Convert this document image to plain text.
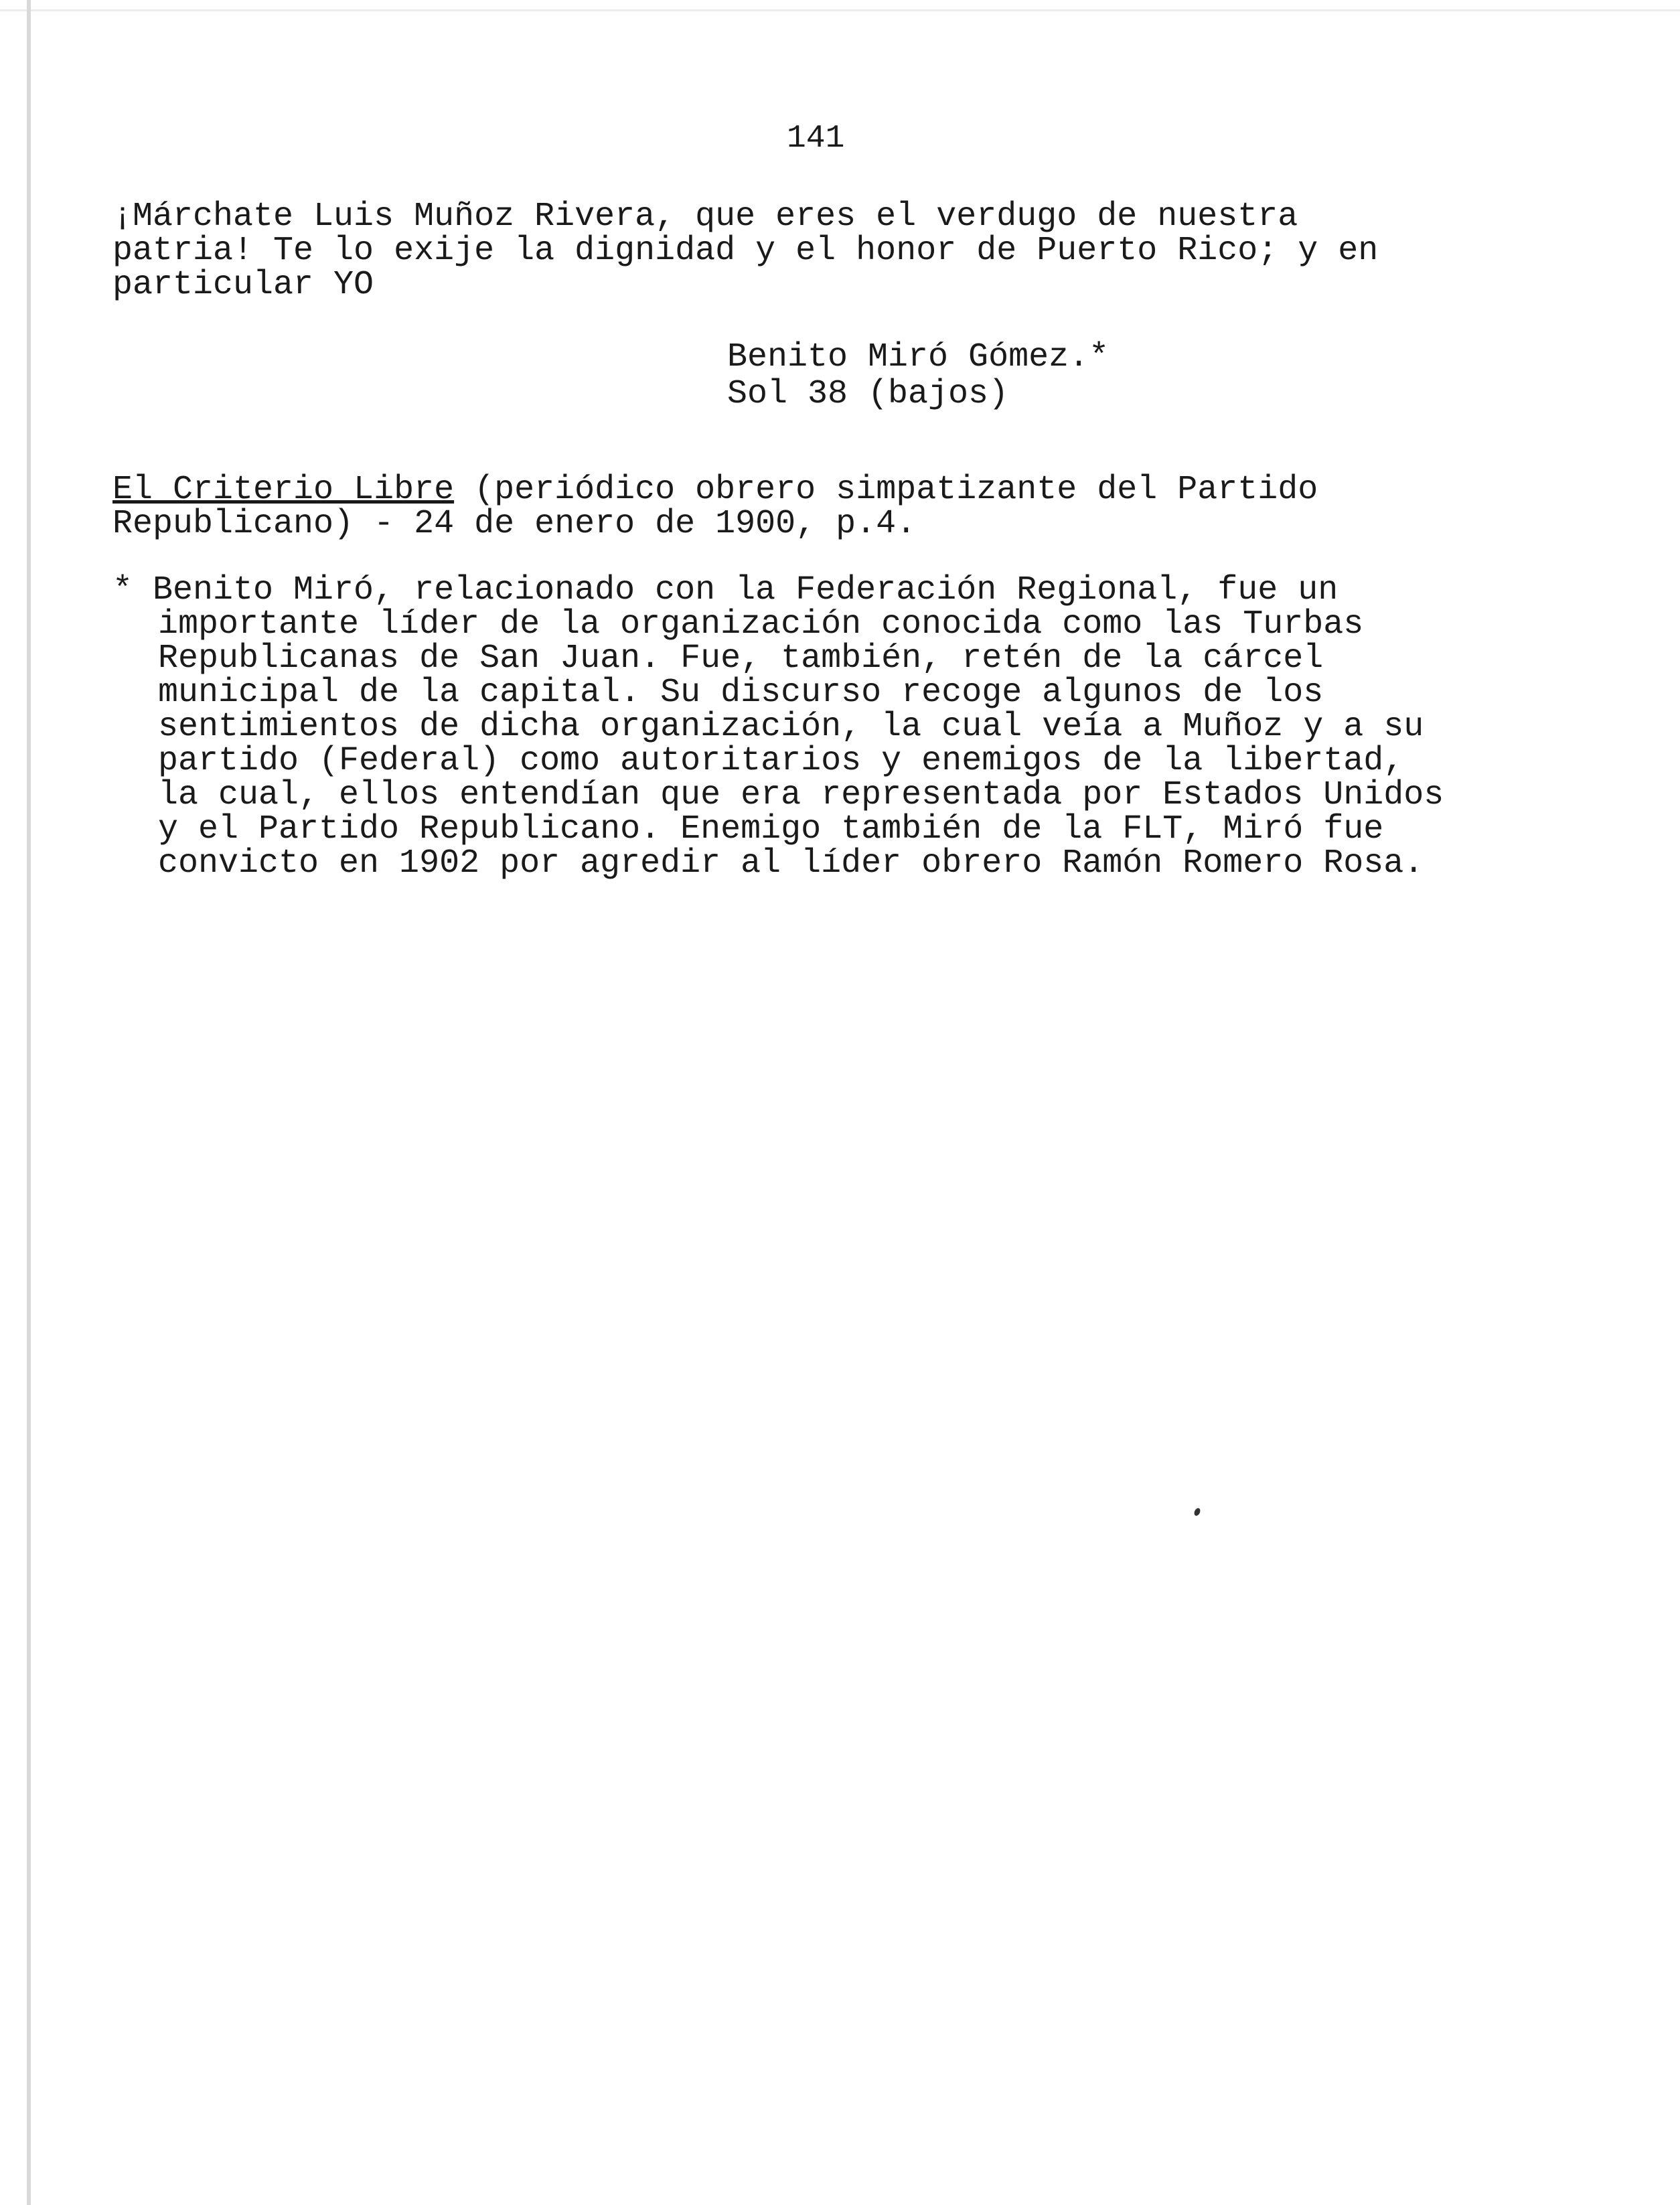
141
¡Márchate Luis Muñoz Rivera, que eres el verdugo de nuestra
patria! Te lo exije la dignidad y el honor de Puerto Rico; y en
particular YO
Benito Miró Gómez.*
Sol 38 (bajos)
El Criterio Libre (periódico obrero simpatizante del Partido
Republicano) - 24 de enero de 1900, p.4.
* Benito Miró, relacionado con la Federación Regional, fue un
importante líder de la organización conocida como las Turbas
Republicanas de San Juan. Fue, también, retén de la cárcel
municipal de la capital. Su discurso recoge algunos de los
sentimientos de dicha organización, la cual veía a Muñoz y a su
partido (Federal) como autoritarios y enemigos de la libertad,
la cual, ellos entendían que era representada por Estados Unidos
y el Partido Republicano. Enemigo también de la FLT, Miró fue
convicto en 1902 por agredir al líder obrero Ramón Romero Rosa.
